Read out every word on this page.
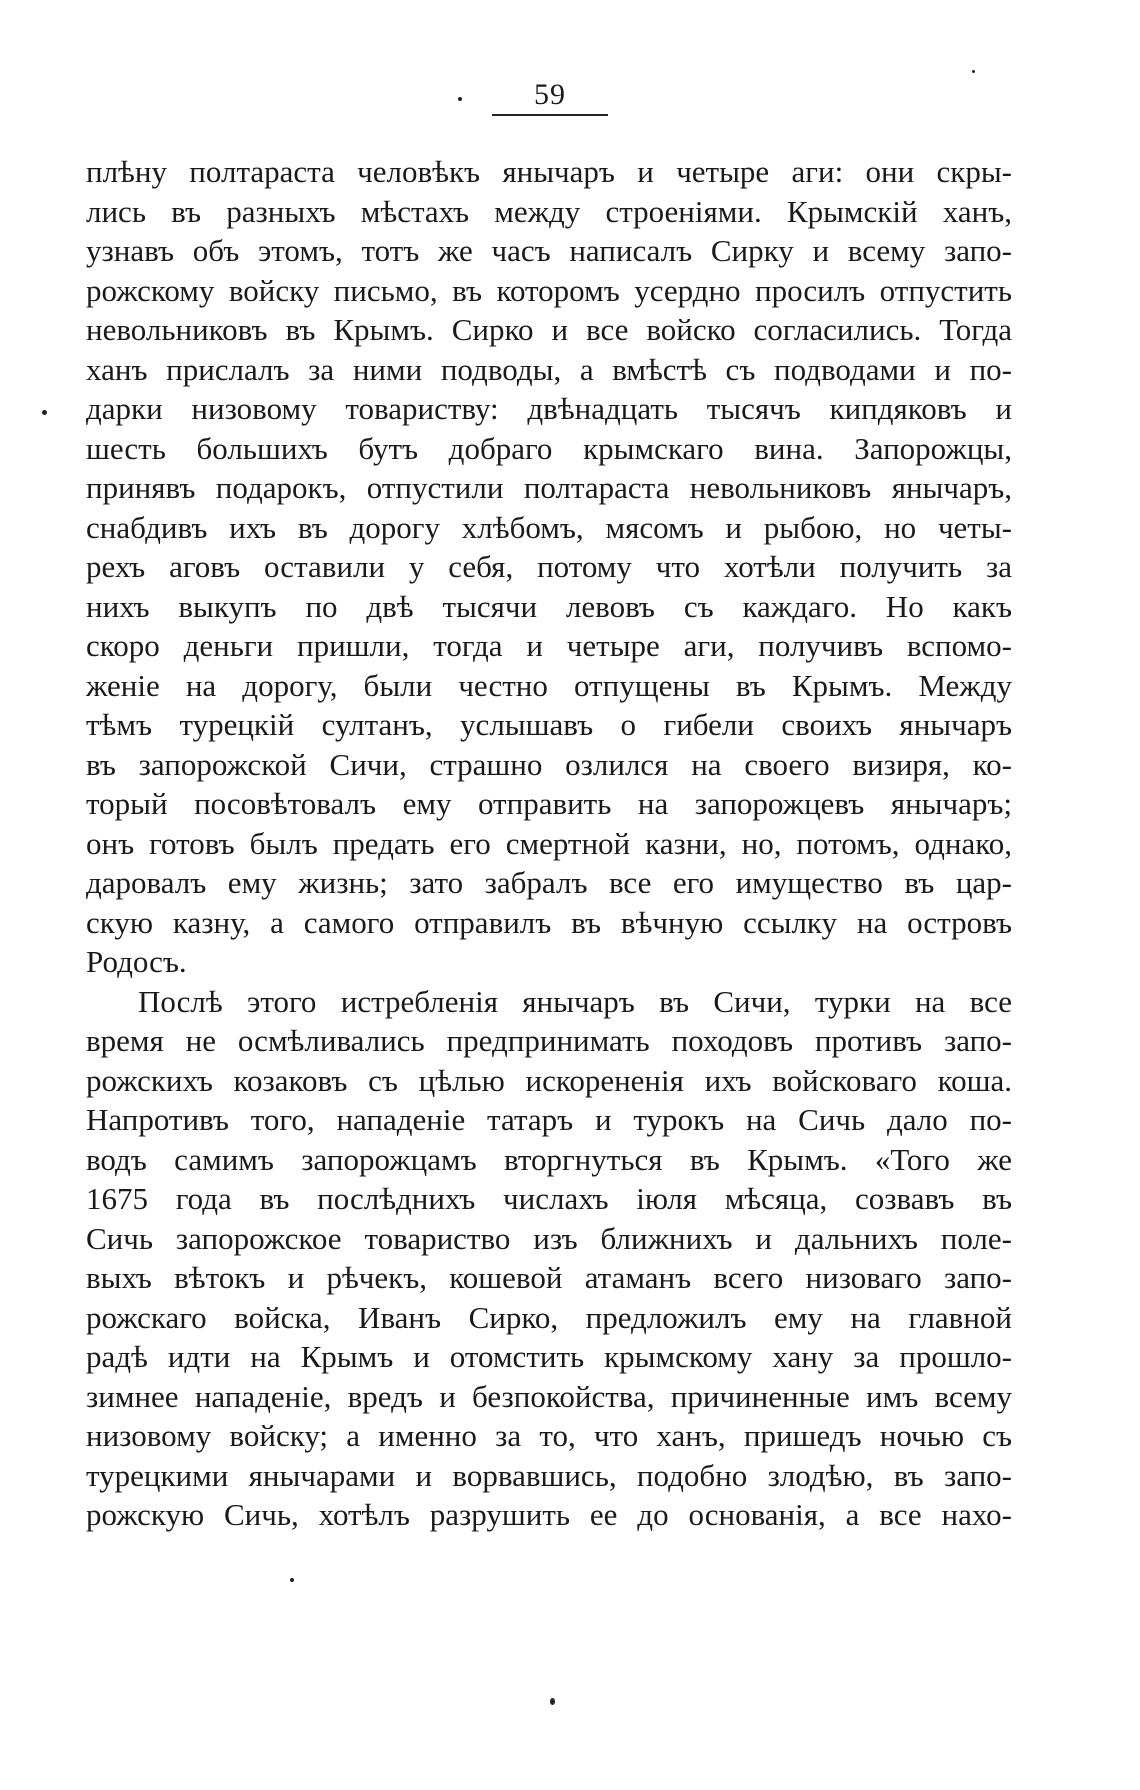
59
плѣну полтараста человѣкъ янычаръ и четыре аги: они скры-
лись въ разныхъ мѣстахъ между строеніями. Крымскій ханъ,
узнавъ объ этомъ, тотъ же часъ написалъ Сирку и всему запо-
рожскому войску письмо, въ которомъ усердно просилъ отпустить
невольниковъ въ Крымъ. Сирко и все войско согласились. Тогда
ханъ прислалъ за ними подводы, а вмѣстѣ съ подводами и по-
дарки низовому товариству: двѣнадцать тысячъ кипдяковъ и
шесть большихъ бутъ добраго крымскаго вина. Запорожцы,
принявъ подарокъ, отпустили полтараста невольниковъ янычаръ,
снабдивъ ихъ въ дорогу хлѣбомъ, мясомъ и рыбою, но четы-
рехъ аговъ оставили у себя, потому что хотѣли получить за
нихъ выкупъ по двѣ тысячи левовъ съ каждаго. Но какъ
скоро деньги пришли, тогда и четыре аги, получивъ вспомо-
женіе на дорогу, были честно отпущены въ Крымъ. Между
тѣмъ турецкій султанъ, услышавъ о гибели своихъ янычаръ
въ запорожской Сичи, страшно озлился на своего визиря, ко-
торый посовѣтовалъ ему отправить на запорожцевъ янычаръ;
онъ готовъ былъ предать его смертной казни, но, потомъ, однако,
даровалъ ему жизнь; зато забралъ все его имущество въ цар-
скую казну, а самого отправилъ въ вѣчную ссылку на островъ
Родосъ.
Послѣ этого истребленія янычаръ въ Сичи, турки на все
время не осмѣливались предпринимать походовъ противъ запо-
рожскихъ козаковъ съ цѣлью искорененія ихъ войсковаго коша.
Напротивъ того, нападеніе татаръ и турокъ на Сичь дало по-
водъ самимъ запорожцамъ вторгнуться въ Крымъ. «Того же
1675 года въ послѣднихъ числахъ іюля мѣсяца, созвавъ въ
Сичь запорожское товариство изъ ближнихъ и дальнихъ поле-
выхъ вѣтокъ и рѣчекъ, кошевой атаманъ всего низоваго запо-
рожскаго войска, Иванъ Сирко, предложилъ ему на главной
радѣ идти на Крымъ и отомстить крымскому хану за прошло-
зимнее нападеніе, вредъ и безпокойства, причиненные имъ всему
низовому войску; а именно за то, что ханъ, пришедъ ночью съ
турецкими янычарами и ворвавшись, подобно злодѣю, въ запо-
рожскую Сичь, хотѣлъ разрушить ее до основанія, а все нахо-
